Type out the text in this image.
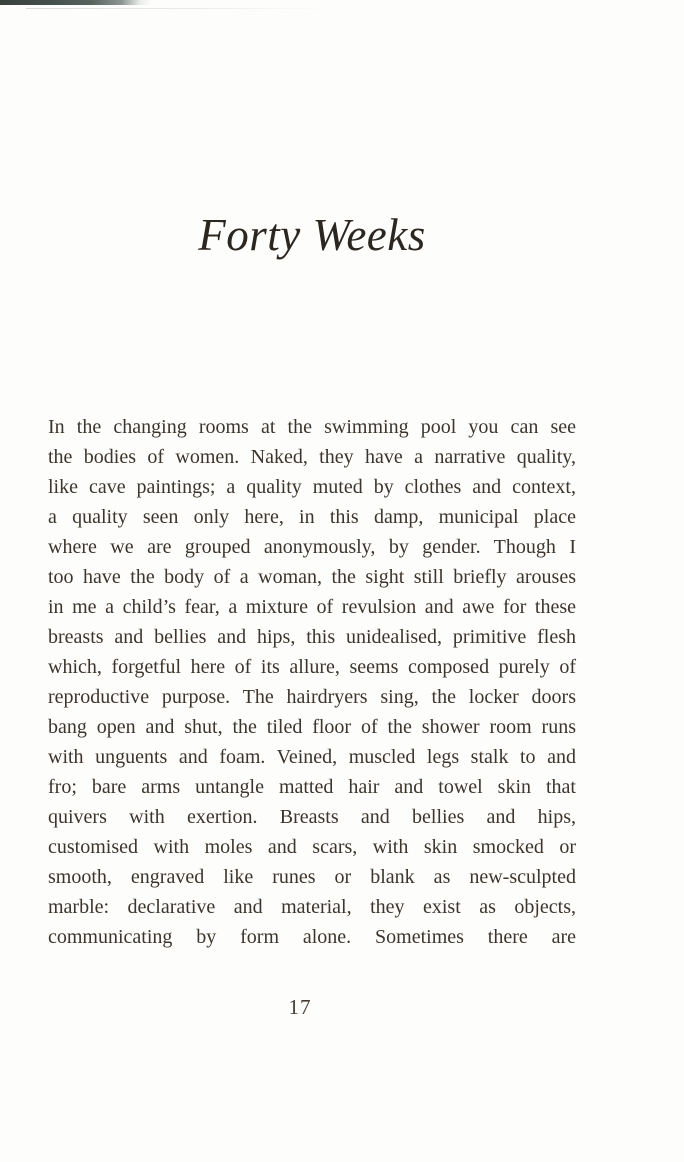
Forty Weeks
In the changing rooms at the swimming pool you can see
the bodies of women. Naked, they have a narrative quality,
like cave paintings; a quality muted by clothes and context,
a quality seen only here, in this damp, municipal place
where we are grouped anonymously, by gender. Though I
too have the body of a woman, the sight still briefly arouses
in me a child’s fear, a mixture of revulsion and awe for these
breasts and bellies and hips, this unidealised, primitive flesh
which, forgetful here of its allure, seems composed purely of
reproductive purpose. The hairdryers sing, the locker doors
bang open and shut, the tiled floor of the shower room runs
with unguents and foam. Veined, muscled legs stalk to and
fro; bare arms untangle matted hair and towel skin that
quivers with exertion. Breasts and bellies and hips,
customised with moles and scars, with skin smocked or
smooth, engraved like runes or blank as new-sculpted
marble: declarative and material, they exist as objects,
communicating by form alone. Sometimes there are
17
